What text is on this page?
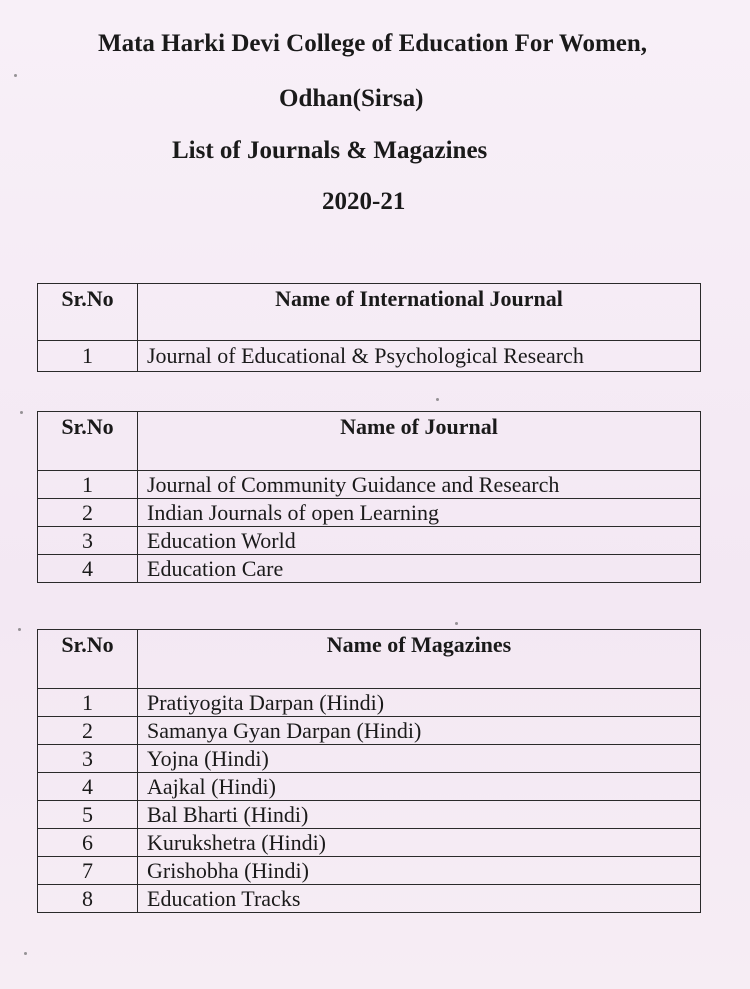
Mata Harki Devi College of Education For Women,
Odhan(Sirsa)
List of Journals & Magazines
2020-21
Sr.No	Name of International Journal
1	Journal of Educational & Psychological Research
Sr.No	Name of Journal
1	Journal of Community Guidance and Research
2	Indian Journals of open Learning
3	Education World
4	Education Care
Sr.No	Name of Magazines
1	Pratiyogita Darpan (Hindi)
2	Samanya Gyan Darpan (Hindi)
3	Yojna (Hindi)
4	Aajkal (Hindi)
5	Bal Bharti (Hindi)
6	Kurukshetra (Hindi)
7	Grishobha (Hindi)
8	Education Tracks
